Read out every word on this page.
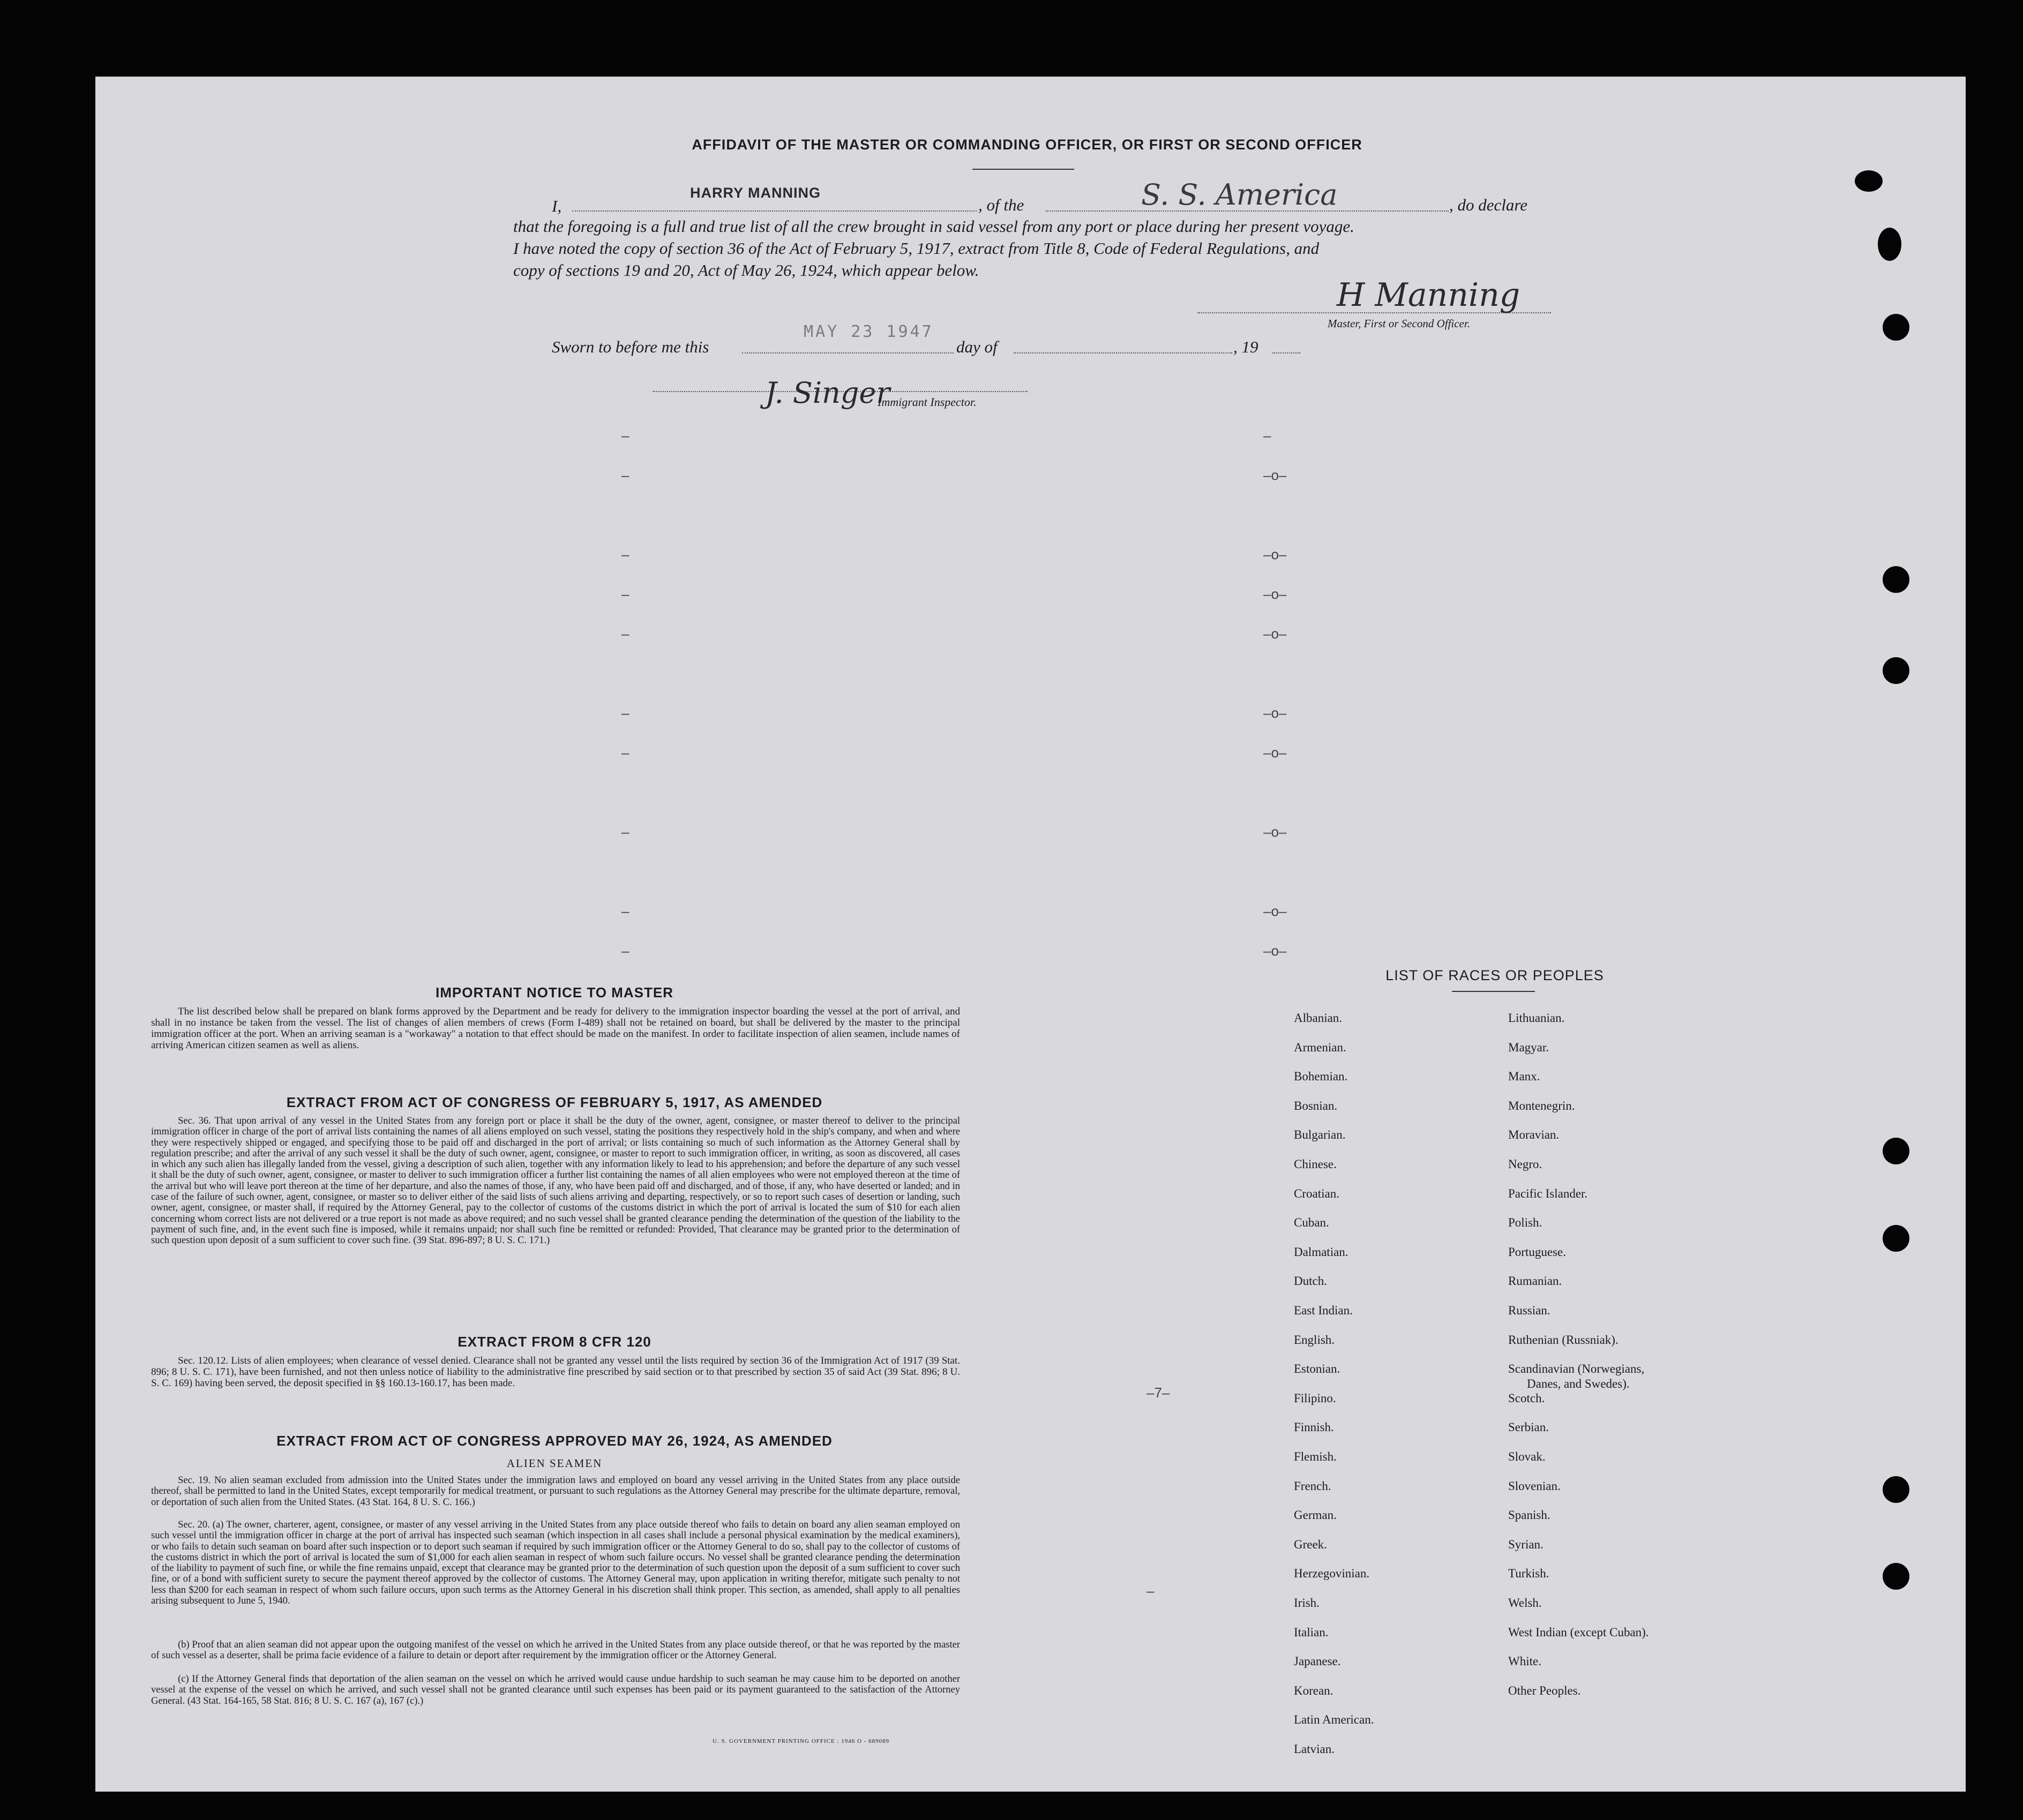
AFFIDAVIT OF THE MASTER OR COMMANDING OFFICER, OR FIRST OR SECOND OFFICER
I,
HARRY MANNING
, of the	S. S. America	, do declare
that the foregoing is a full and true list of all the crew brought in said vessel from any port or place during her present voyage.
I have noted the copy of section 36 of the Act of February 5, 1917, extract from Title 8, Code of Federal Regulations, and
copy of sections 19 and 20, Act of May 26, 1924, which appear below.
H Manning
Master, First or Second Officer.
Sworn to before me this
MAY 23 1947
day of	, 19
J. Singer
Immigrant Inspector.
–	–
–	–o–
–	–o–
–	–o–
–	–o–
–	–o–
–	–o–
–	–o–
–	–o–
–	–o–
–7–
–
IMPORTANT NOTICE TO MASTER
The list described below shall be prepared on blank forms approved by the Department and be ready for delivery to the immigration inspector boarding the vessel at the port of arrival, and shall in no instance be taken from the vessel. The list of changes of alien members of crews (Form I-489) shall not be retained on board, but shall be delivered by the master to the principal immigration officer at the port. When an arriving seaman is a "workaway" a notation to that effect should be made on the manifest. In order to facilitate inspection of alien seamen, include names of arriving American citizen seamen as well as aliens.
EXTRACT FROM ACT OF CONGRESS OF FEBRUARY 5, 1917, AS AMENDED
Sec. 36. That upon arrival of any vessel in the United States from any foreign port or place it shall be the duty of the owner, agent, consignee, or master thereof to deliver to the principal immigration officer in charge of the port of arrival lists containing the names of all aliens employed on such vessel, stating the positions they respectively hold in the ship's company, and when and where they were respectively shipped or engaged, and specifying those to be paid off and discharged in the port of arrival; or lists containing so much of such information as the Attorney General shall by regulation prescribe; and after the arrival of any such vessel it shall be the duty of such owner, agent, consignee, or master to report to such immigration officer, in writing, as soon as discovered, all cases in which any such alien has illegally landed from the vessel, giving a description of such alien, together with any information likely to lead to his apprehension; and before the departure of any such vessel it shall be the duty of such owner, agent, consignee, or master to deliver to such immigration officer a further list containing the names of all alien employees who were not employed thereon at the time of the arrival but who will leave port thereon at the time of her departure, and also the names of those, if any, who have been paid off and discharged, and of those, if any, who have deserted or landed; and in case of the failure of such owner, agent, consignee, or master so to deliver either of the said lists of such aliens arriving and departing, respectively, or so to report such cases of desertion or landing, such owner, agent, consignee, or master shall, if required by the Attorney General, pay to the collector of customs of the customs district in which the port of arrival is located the sum of $10 for each alien concerning whom correct lists are not delivered or a true report is not made as above required; and no such vessel shall be granted clearance pending the determination of the question of the liability to the payment of such fine, and, in the event such fine is imposed, while it remains unpaid; nor shall such fine be remitted or refunded: Provided, That clearance may be granted prior to the determination of such question upon deposit of a sum sufficient to cover such fine. (39 Stat. 896-897; 8 U. S. C. 171.)
EXTRACT FROM 8 CFR 120
Sec. 120.12. Lists of alien employees; when clearance of vessel denied. Clearance shall not be granted any vessel until the lists required by section 36 of the Immigration Act of 1917 (39 Stat. 896; 8 U. S. C. 171), have been furnished, and not then unless notice of liability to the administrative fine prescribed by said section or to that prescribed by section 35 of said Act (39 Stat. 896; 8 U. S. C. 169) having been served, the deposit specified in §§ 160.13-160.17, has been made.
EXTRACT FROM ACT OF CONGRESS APPROVED MAY 26, 1924, AS AMENDED
ALIEN SEAMEN
Sec. 19. No alien seaman excluded from admission into the United States under the immigration laws and employed on board any vessel arriving in the United States from any place outside thereof, shall be permitted to land in the United States, except temporarily for medical treatment, or pursuant to such regulations as the Attorney General may prescribe for the ultimate departure, removal, or deportation of such alien from the United States. (43 Stat. 164, 8 U. S. C. 166.)
Sec. 20. (a) The owner, charterer, agent, consignee, or master of any vessel arriving in the United States from any place outside thereof who fails to detain on board any alien seaman employed on such vessel until the immigration officer in charge at the port of arrival has inspected such seaman (which inspection in all cases shall include a personal physical examination by the medical examiners), or who fails to detain such seaman on board after such inspection or to deport such seaman if required by such immigration officer or the Attorney General to do so, shall pay to the collector of customs of the customs district in which the port of arrival is located the sum of $1,000 for each alien seaman in respect of whom such failure occurs. No vessel shall be granted clearance pending the determination of the liability to payment of such fine, or while the fine remains unpaid, except that clearance may be granted prior to the determination of such question upon the deposit of a sum sufficient to cover such fine, or of a bond with sufficient surety to secure the payment thereof approved by the collector of customs. The Attorney General may, upon application in writing therefor, mitigate such penalty to not less than $200 for each seaman in respect of whom such failure occurs, upon such terms as the Attorney General in his discretion shall think proper. This section, as amended, shall apply to all penalties arising subsequent to June 5, 1940.
(b) Proof that an alien seaman did not appear upon the outgoing manifest of the vessel on which he arrived in the United States from any place outside thereof, or that he was reported by the master of such vessel as a deserter, shall be prima facie evidence of a failure to detain or deport after requirement by the immigration officer or the Attorney General.
(c) If the Attorney General finds that deportation of the alien seaman on the vessel on which he arrived would cause undue hardship to such seaman he may cause him to be deported on another vessel at the expense of the vessel on which he arrived, and such vessel shall not be granted clearance until such expenses has been paid or its payment guaranteed to the satisfaction of the Attorney General. (43 Stat. 164-165, 58 Stat. 816; 8 U. S. C. 167 (a), 167 (c).)
U. S. GOVERNMENT PRINTING OFFICE : 1946 O - 689089
LIST OF RACES OR PEOPLES
Albanian.
Armenian.
Bohemian.
Bosnian.
Bulgarian.
Chinese.
Croatian.
Cuban.
Dalmatian.
Dutch.
East Indian.
English.
Estonian.
Filipino.
Finnish.
Flemish.
French.
German.
Greek.
Herzegovinian.
Irish.
Italian.
Japanese.
Korean.
Latin American.
Latvian.
Lithuanian.
Magyar.
Manx.
Montenegrin.
Moravian.
Negro.
Pacific Islander.
Polish.
Portuguese.
Rumanian.
Russian.
Ruthenian (Russniak).
Scandinavian (Norwegians,
Danes, and Swedes).
Scotch.
Serbian.
Slovak.
Slovenian.
Spanish.
Syrian.
Turkish.
Welsh.
West Indian (except Cuban).
White.
Other Peoples.
